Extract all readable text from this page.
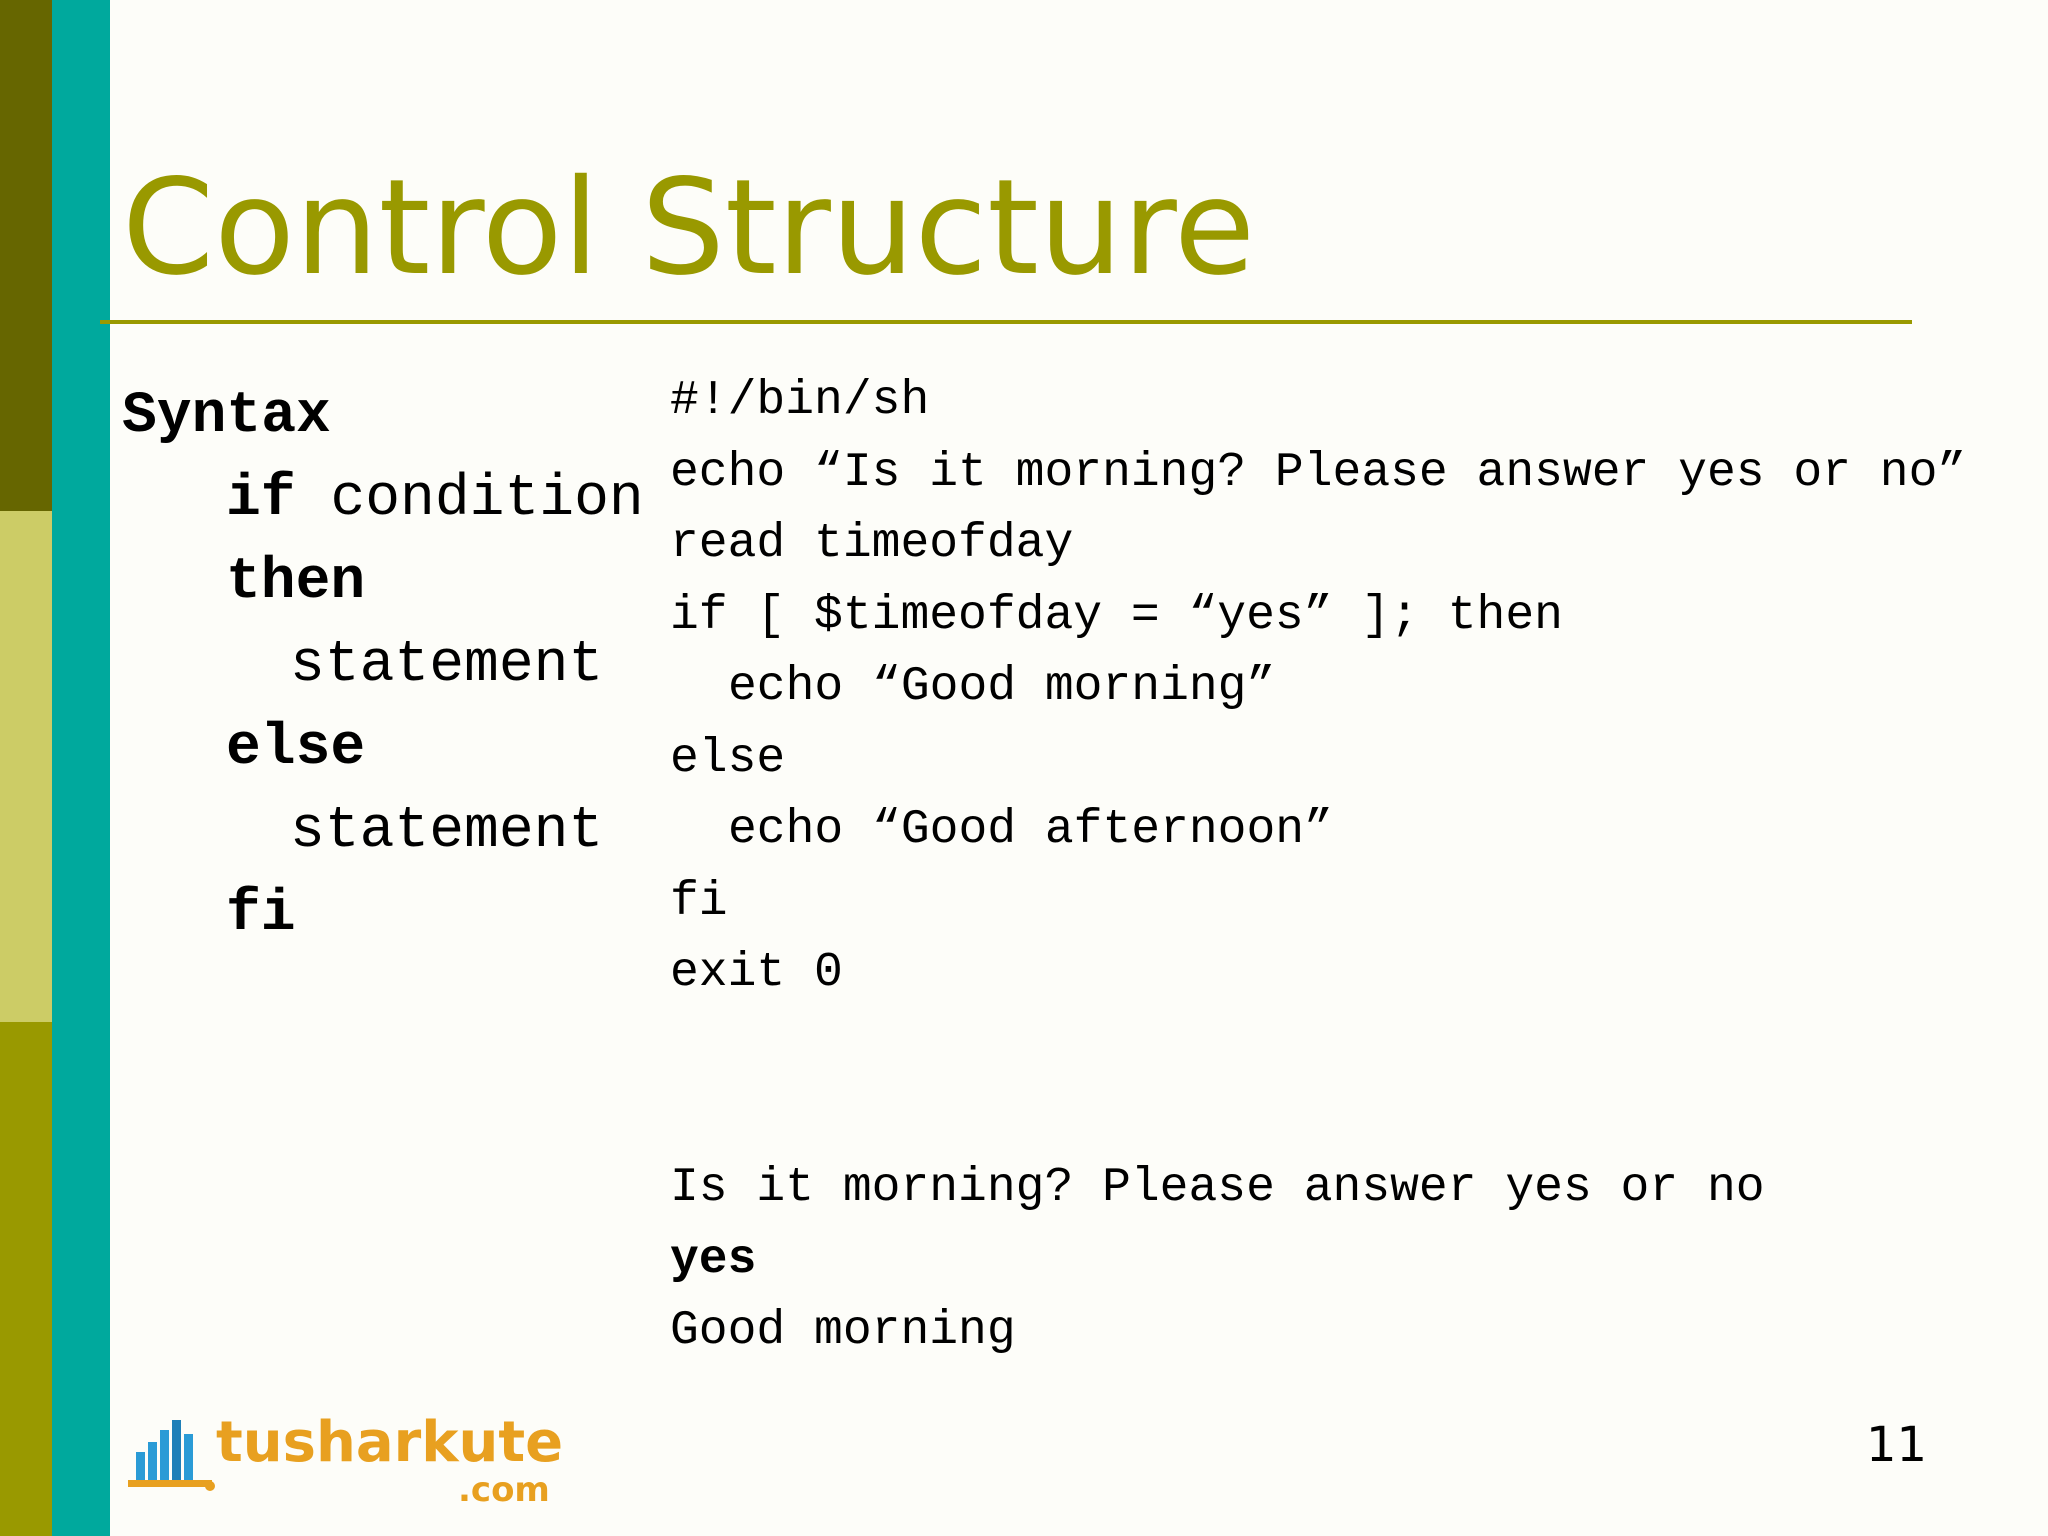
Control Structure
Syntax
if condition
then
statement
else
statement
fi
#!/bin/sh
echo “Is it morning? Please answer yes or no”
read timeofday
if [ $timeofday = “yes” ]; then
echo “Good morning”
else
echo “Good afternoon”
fi
exit 0
Is it morning? Please answer yes or no
yes
Good morning
tusharkute
.com
11
